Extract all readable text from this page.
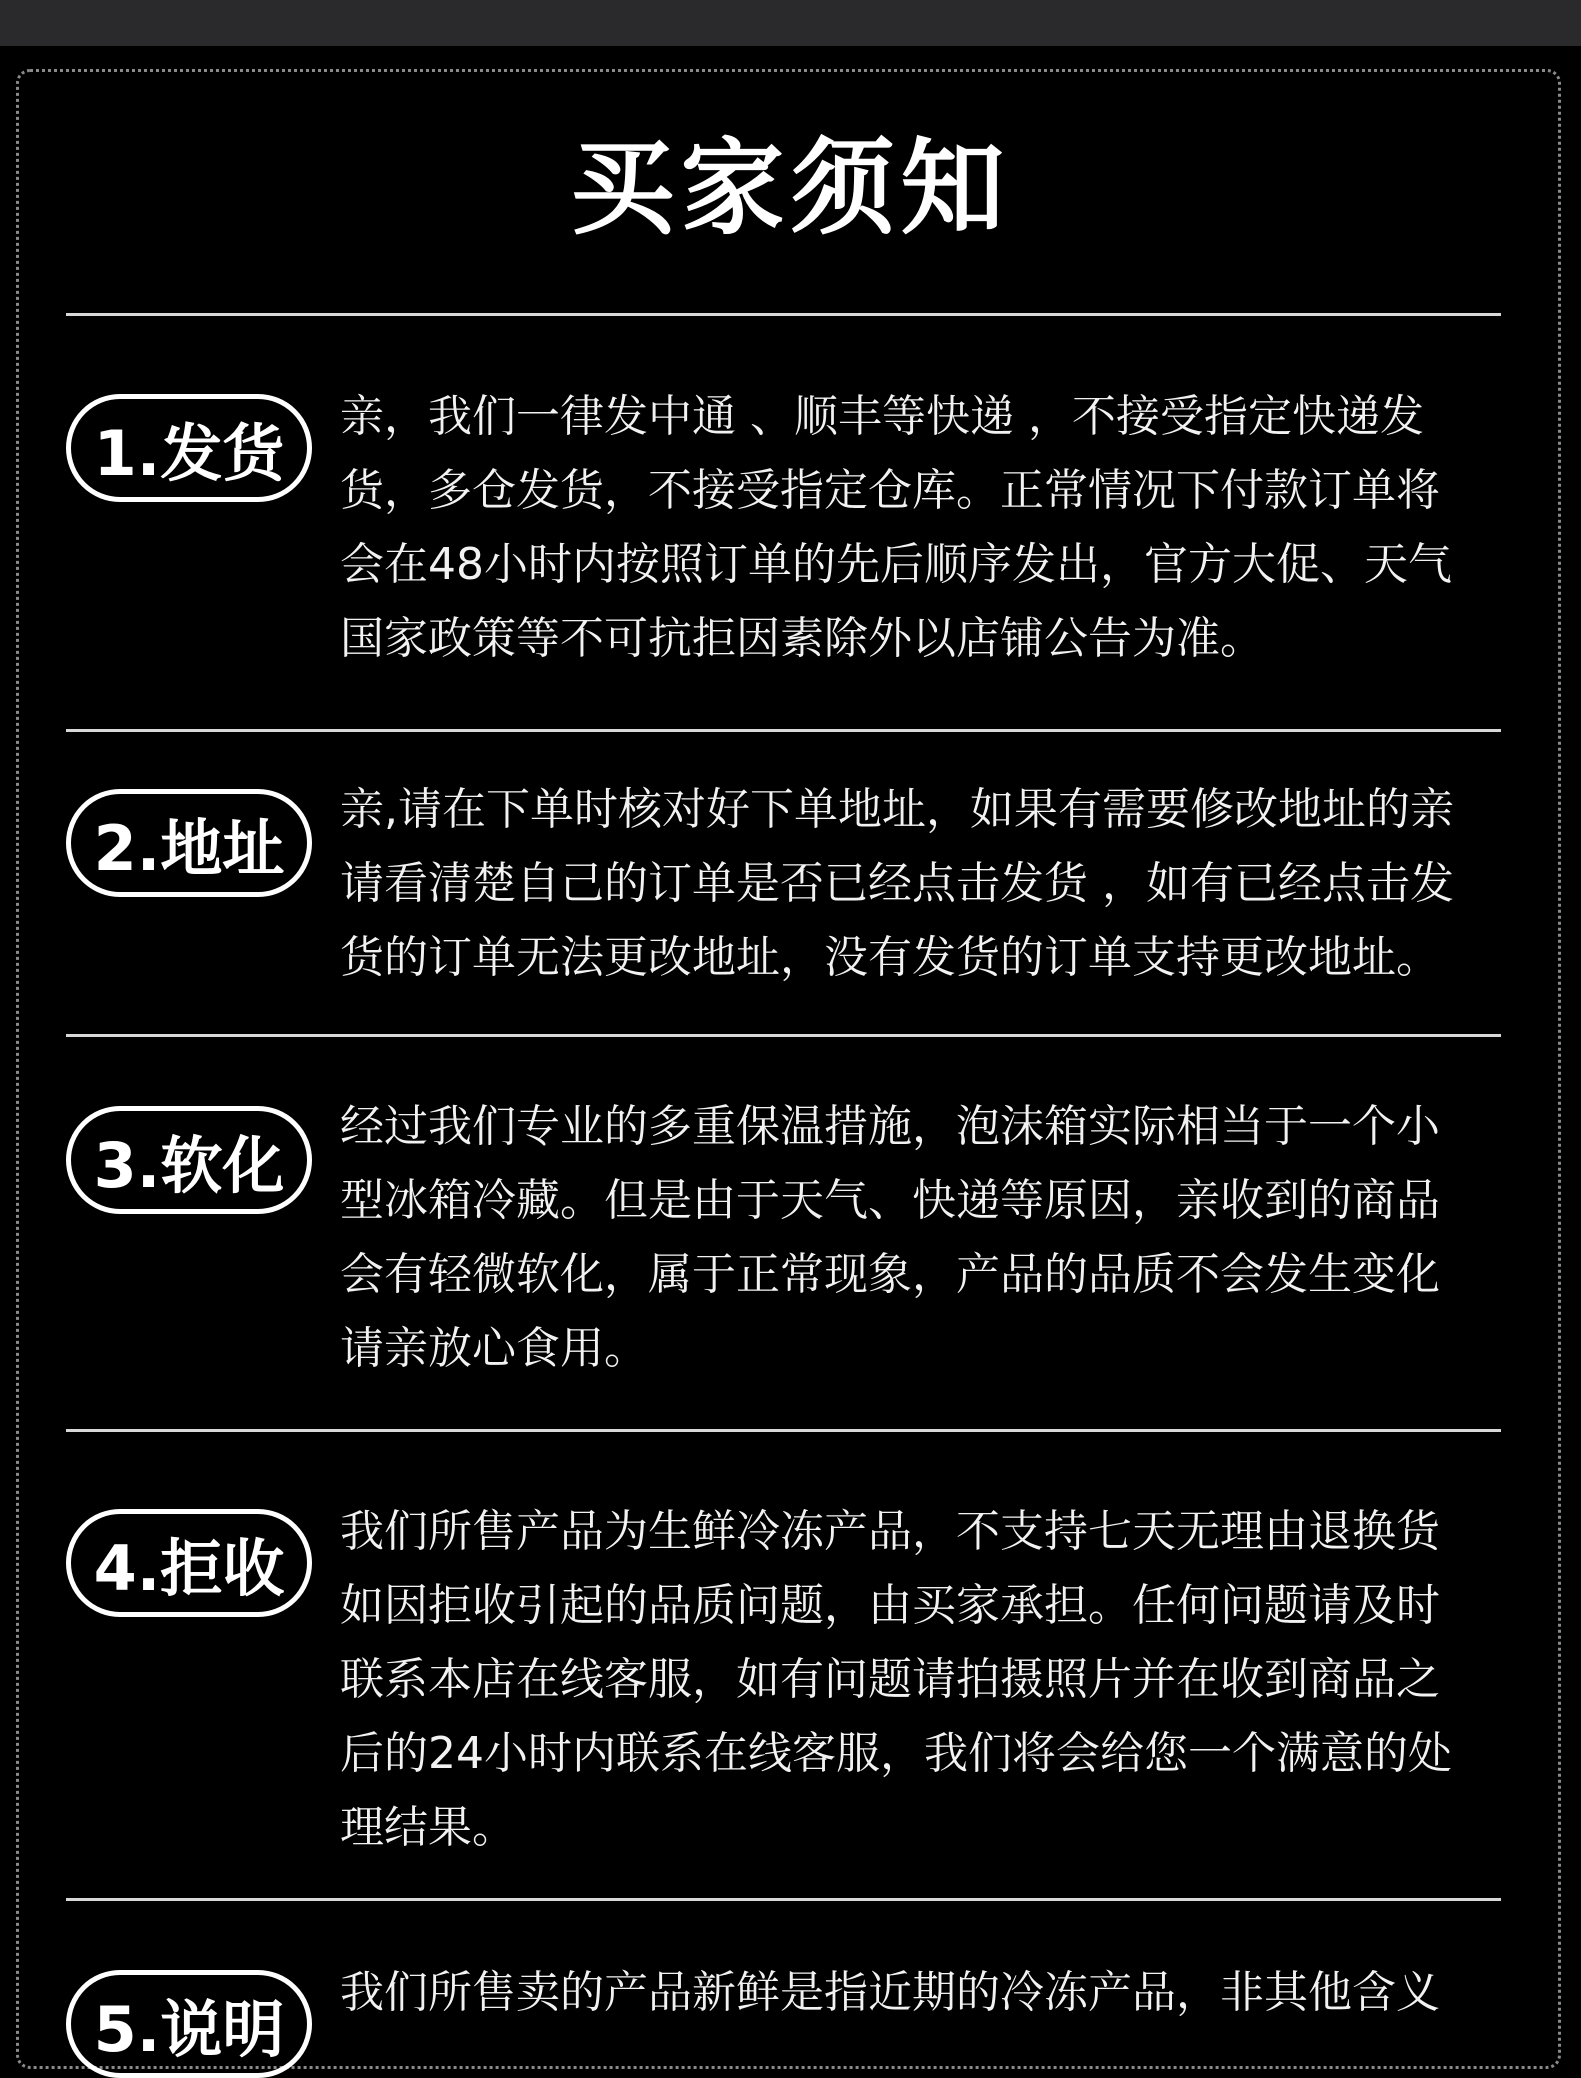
买家须知
1.发货	亲，我们一律发中通 、顺丰等快递 ，不接受指定快递发
货，多仓发货，不接受指定仓库。正常情况下付款订单将
会在48小时内按照订单的先后顺序发出，官方大促、天气
国家政策等不可抗拒因素除外以店铺公告为准。

2.地址

亲,请在下单时核对好下单地址，如果有需要修改地址的亲
请看清楚自己的订单是否已经点击发货 ，如有已经点击发
货的订单无法更改地址，没有发货的订单支持更改地址。

3.软化

经过我们专业的多重保温措施，泡沫箱实际相当于一个小
型冰箱冷藏。但是由于天气、快递等原因，亲收到的商品
会有轻微软化，属于正常现象，产品的品质不会发生变化
请亲放心食用。

4.拒收	我们所售产品为生鲜冷冻产品，不支持七天无理由退换货
如因拒收引起的品质问题，由买家承担。任何问题请及时
联系本店在线客服，如有问题请拍摄照片并在收到商品之
后的24小时内联系在线客服，我们将会给您一个满意的处
理结果。

5.说明	我们所售卖的产品新鲜是指近期的冷冻产品，非其他含义
